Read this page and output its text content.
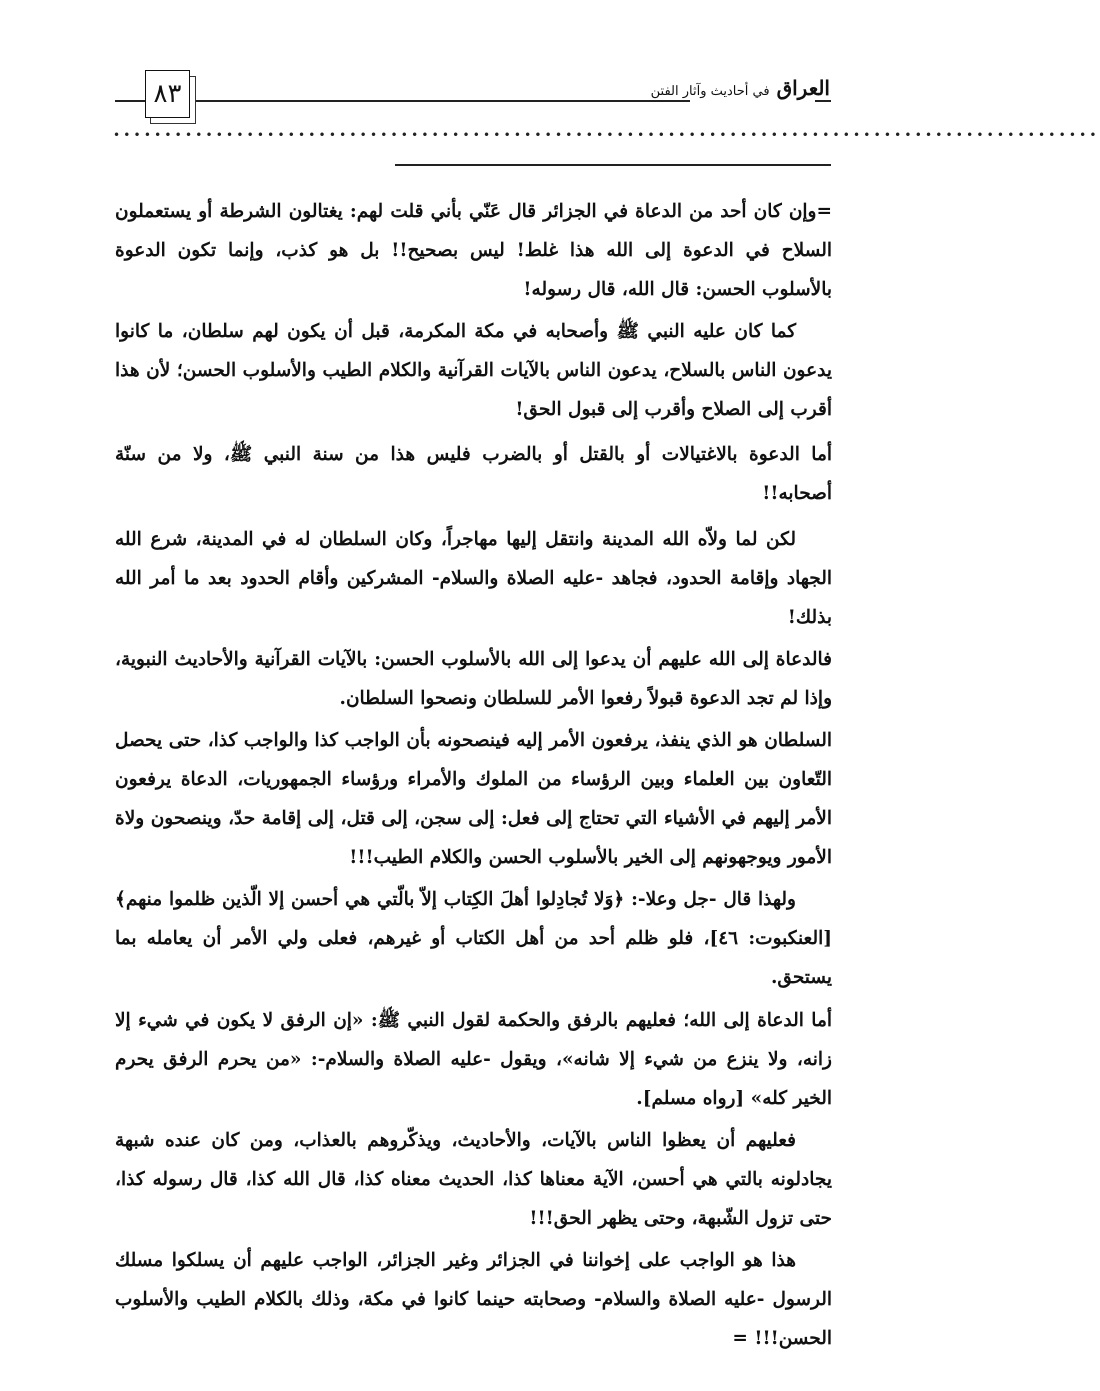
٨٣	العراق في أحاديث وآثار الفتن
••••••••••••••••••••••••••••••••••••••••••••••••••••••••••••••••••••••••••••••••••••••••••••••••
=وإن كان أحد من الدعاة في الجزائر قال عَنّي بأني قلت لهم: يغتالون الشرطة أو يستعملون السلاح في الدعوة إلى الله هذا غلط! ليس بصحيح!! بل هو كذب، وإنما تكون الدعوة بالأسلوب الحسن: قال الله، قال رسوله!
كما كان عليه النبي ﷺ وأصحابه في مكة المكرمة، قبل أن يكون لهم سلطان، ما كانوا يدعون الناس بالسلاح، يدعون الناس بالآيات القرآنية والكلام الطيب والأسلوب الحسن؛ لأن هذا أقرب إلى الصلاح وأقرب إلى قبول الحق!
أما الدعوة بالاغتيالات أو بالقتل أو بالضرب فليس هذا من سنة النبي ﷺ، ولا من سنّة أصحابه!!
لكن لما ولاّه الله المدينة وانتقل إليها مهاجراً، وكان السلطان له في المدينة، شرع الله الجهاد وإقامة الحدود، فجاهد -عليه الصلاة والسلام- المشركين وأقام الحدود بعد ما أمر الله بذلك!
فالدعاة إلى الله عليهم أن يدعوا إلى الله بالأسلوب الحسن: بالآيات القرآنية والأحاديث النبوية، وإذا لم تجد الدعوة قبولاً رفعوا الأمر للسلطان ونصحوا السلطان.
السلطان هو الذي ينفذ، يرفعون الأمر إليه فينصحونه بأن الواجب كذا والواجب كذا، حتى يحصل التّعاون بين العلماء وبين الرؤساء من الملوك والأمراء ورؤساء الجمهوريات، الدعاة يرفعون الأمر إليهم في الأشياء التي تحتاج إلى فعل: إلى سجن، إلى قتل، إلى إقامة حدّ، وينصحون ولاة الأمور ويوجهونهم إلى الخير بالأسلوب الحسن والكلام الطيب!!!
ولهذا قال -جل وعلا-: ﴿وَلا تُجادِلوا أهلَ الكِتاب إلاّ بالّتي هي أحسن إلا الّذين ظلموا منهم﴾ [العنكبوت: ٤٦]، فلو ظلم أحد من أهل الكتاب أو غيرهم، فعلى ولي الأمر أن يعامله بما يستحق.
أما الدعاة إلى الله؛ فعليهم بالرفق والحكمة لقول النبي ﷺ: «إن الرفق لا يكون في شيء إلا زانه، ولا ينزع من شيء إلا شانه»، ويقول -عليه الصلاة والسلام-: «من يحرم الرفق يحرم الخير كله» [رواه مسلم].
فعليهم أن يعظوا الناس بالآيات، والأحاديث، ويذكّروهم بالعذاب، ومن كان عنده شبهة يجادلونه بالتي هي أحسن، الآية معناها كذا، الحديث معناه كذا، قال الله كذا، قال رسوله كذا، حتى تزول الشّبهة، وحتى يظهر الحق!!!
هذا هو الواجب على إخواننا في الجزائر وغير الجزائر، الواجب عليهم أن يسلكوا مسلك الرسول -عليه الصلاة والسلام- وصحابته حينما كانوا في مكة، وذلك بالكلام الطيب والأسلوب الحسن!!! =
